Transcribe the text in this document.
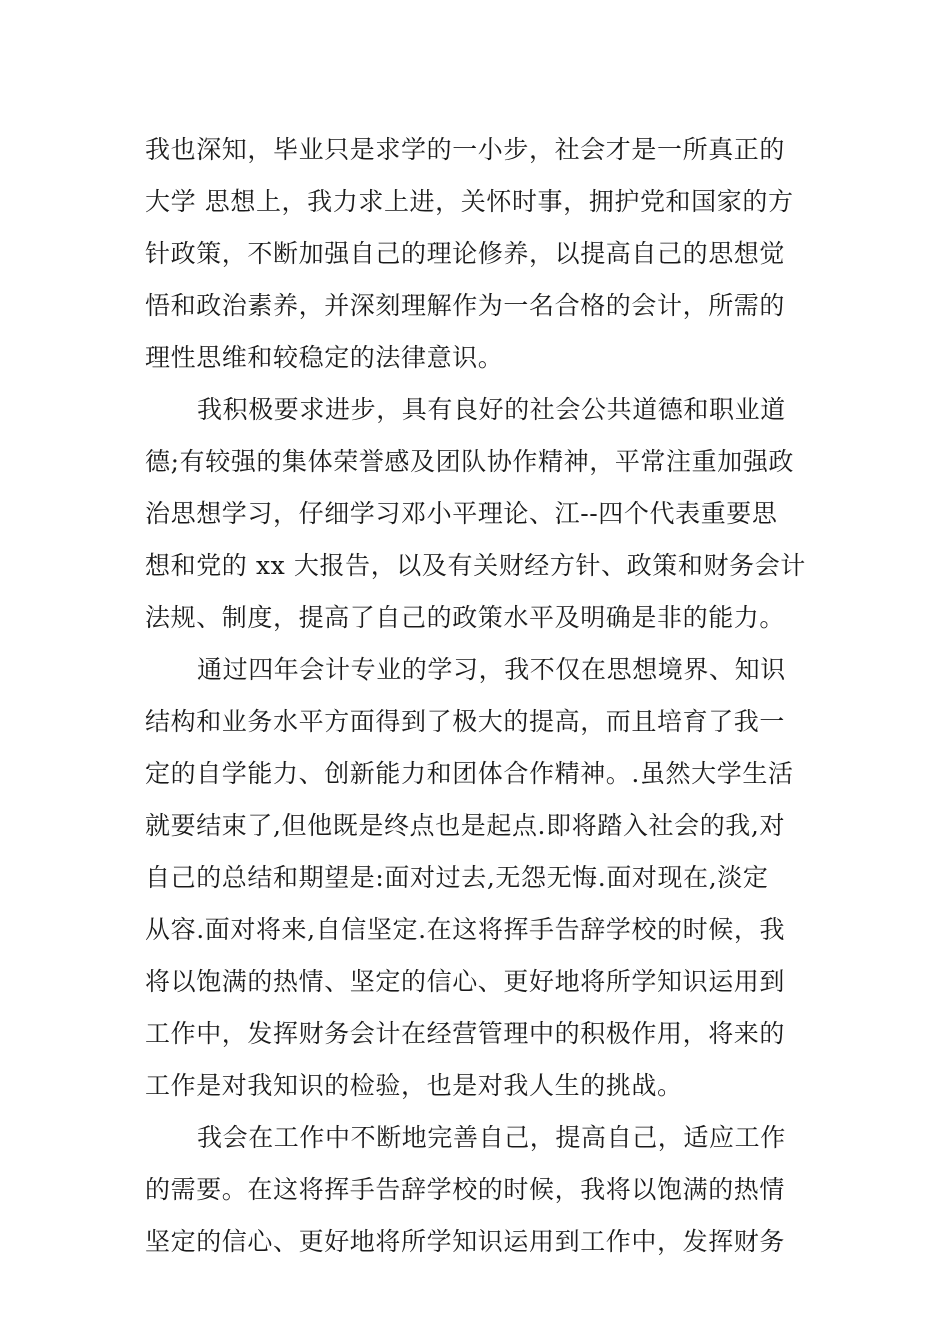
我也深知，毕业只是求学的一小步，社会才是一所真正的
大学 思想上，我力求上进，关怀时事，拥护党和国家的方
针政策，不断加强自己的理论修养，以提高自己的思想觉
悟和政治素养，并深刻理解作为一名合格的会计，所需的
理性思维和较稳定的法律意识。
我积极要求进步，具有良好的社会公共道德和职业道
德;有较强的集体荣誉感及团队协作精神，平常注重加强政
治思想学习，仔细学习邓小平理论、江--四个代表重要思
想和党的 xx 大报告，以及有关财经方针、政策和财务会计
法规、制度，提高了自己的政策水平及明确是非的能力。
通过四年会计专业的学习，我不仅在思想境界、知识
结构和业务水平方面得到了极大的提高，而且培育了我一
定的自学能力、创新能力和团体合作精神。.虽然大学生活
就要结束了,但他既是终点也是起点.即将踏入社会的我,对
自己的总结和期望是:面对过去,无怨无悔.面对现在,淡定
从容.面对将来,自信坚定.在这将挥手告辞学校的时候，我
将以饱满的热情、坚定的信心、更好地将所学知识运用到
工作中，发挥财务会计在经营管理中的积极作用，将来的
工作是对我知识的检验，也是对我人生的挑战。
我会在工作中不断地完善自己，提高自己，适应工作
的需要。在这将挥手告辞学校的时候，我将以饱满的热情
坚定的信心、更好地将所学知识运用到工作中，发挥财务
